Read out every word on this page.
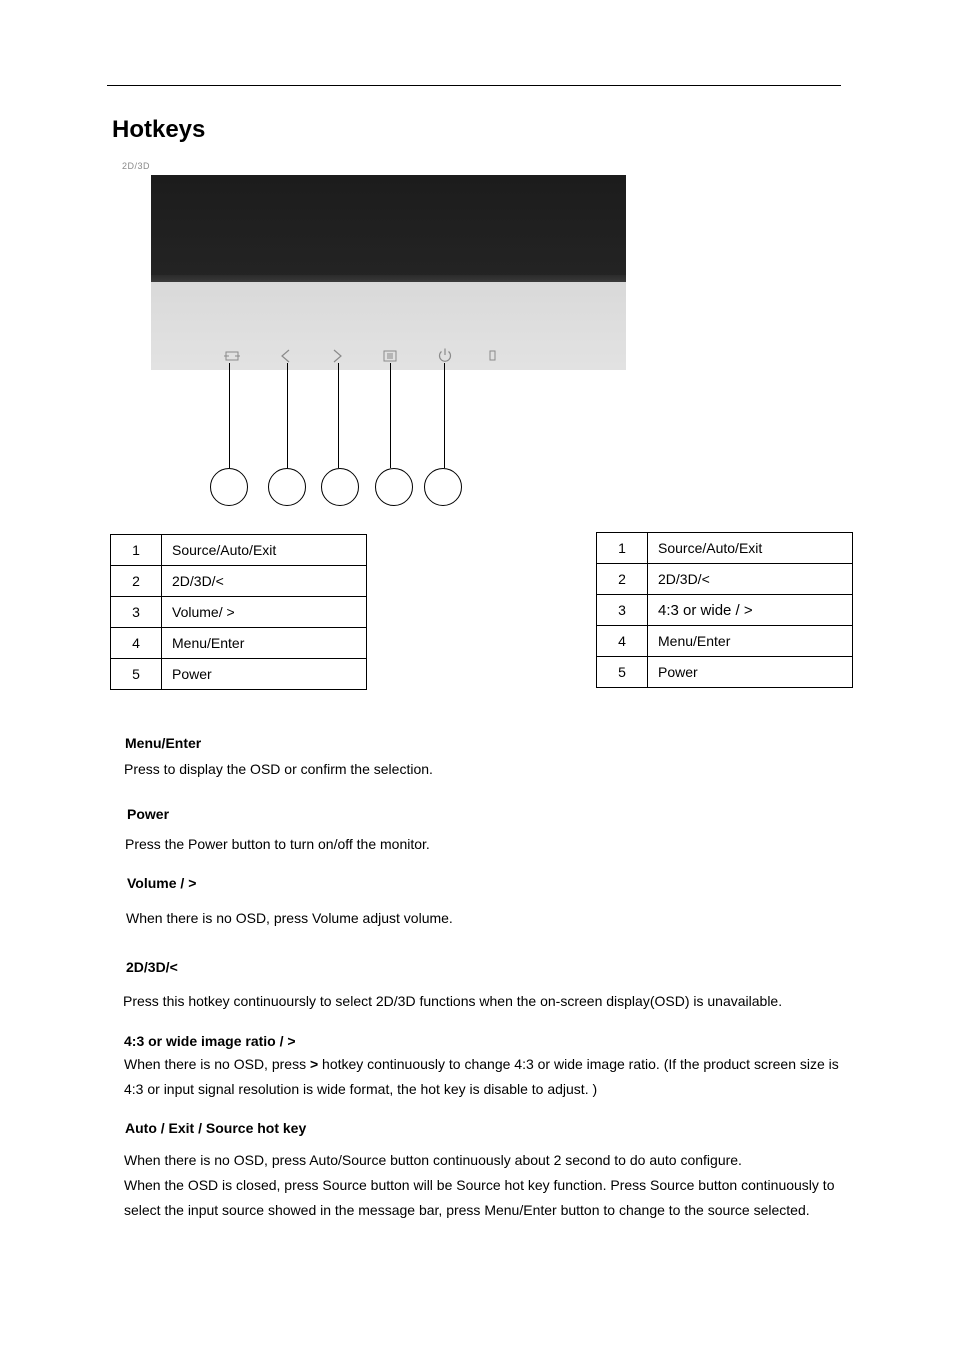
Hotkeys
2D/3D
1	Source/Auto/Exit
2	2D/3D/<
3	Volume/ >
4	Menu/Enter
5	Power
1	Source/Auto/Exit
2	2D/3D/<
3	4:3 or wide / >
4	Menu/Enter
5	Power
Menu/Enter
Press to display the OSD or confirm the selection.
Power
Press the Power button to turn on/off the monitor.
Volume / >
When there is no OSD, press Volume adjust volume.
2D/3D/<
Press this hotkey continuoursly to select 2D/3D functions when the on-screen display(OSD) is unavailable.
4:3 or wide image ratio / >
When there is no OSD, press > hotkey continuously to change 4:3 or wide image ratio. (If the product screen size is 4:3 or input signal resolution is wide format, the hot key is disable to adjust. )
Auto / Exit / Source hot key
When there is no OSD, press Auto/Source button continuously about 2 second to do auto configure.
When the OSD is closed, press Source button will be Source hot key function. Press Source button continuously to select the input source showed in the message bar, press Menu/Enter button to change to the source selected.
